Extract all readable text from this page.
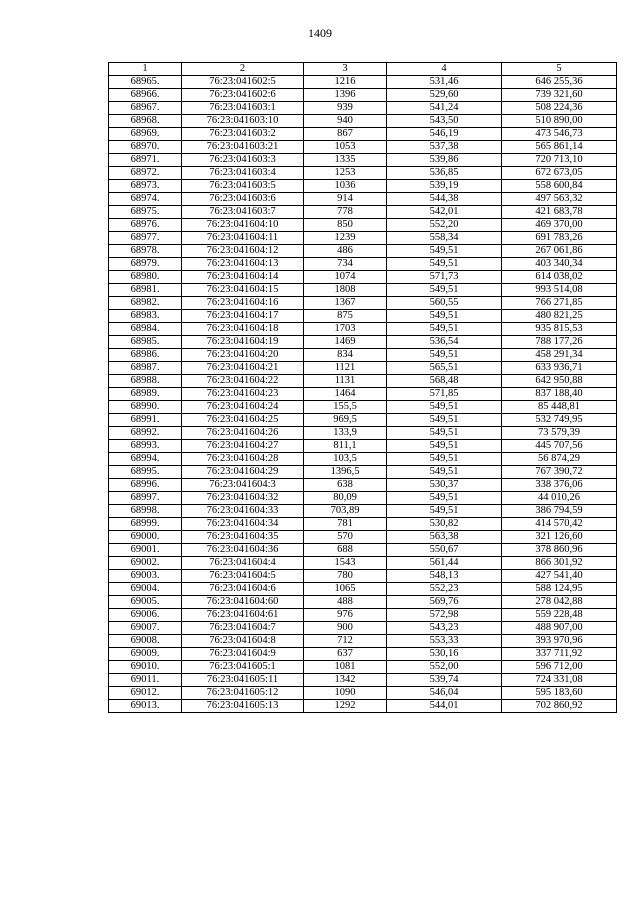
1409
1	2	3	4	5
68965.	76:23:041602:5	1216	531,46	646 255,36
68966.	76:23:041602:6	1396	529,60	739 321,60
68967.	76:23:041603:1	939	541,24	508 224,36
68968.	76:23:041603:10	940	543,50	510 890,00
68969.	76:23:041603:2	867	546,19	473 546,73
68970.	76:23:041603:21	1053	537,38	565 861,14
68971.	76:23:041603:3	1335	539,86	720 713,10
68972.	76:23:041603:4	1253	536,85	672 673,05
68973.	76:23:041603:5	1036	539,19	558 600,84
68974.	76:23:041603:6	914	544,38	497 563,32
68975.	76:23:041603:7	778	542,01	421 683,78
68976.	76:23:041604:10	850	552,20	469 370,00
68977.	76:23:041604:11	1239	558,34	691 783,26
68978.	76:23:041604:12	486	549,51	267 061,86
68979.	76:23:041604:13	734	549,51	403 340,34
68980.	76:23:041604:14	1074	571,73	614 038,02
68981.	76:23:041604:15	1808	549,51	993 514,08
68982.	76:23:041604:16	1367	560,55	766 271,85
68983.	76:23:041604:17	875	549,51	480 821,25
68984.	76:23:041604:18	1703	549,51	935 815,53
68985.	76:23:041604:19	1469	536,54	788 177,26
68986.	76:23:041604:20	834	549,51	458 291,34
68987.	76:23:041604:21	1121	565,51	633 936,71
68988.	76:23:041604:22	1131	568,48	642 950,88
68989.	76:23:041604:23	1464	571,85	837 188,40
68990.	76:23:041604:24	155,5	549,51	85 448,81
68991.	76:23:041604:25	969,5	549,51	532 749,95
68992.	76:23:041604:26	133,9	549,51	73 579,39
68993.	76:23:041604:27	811,1	549,51	445 707,56
68994.	76:23:041604:28	103,5	549,51	56 874,29
68995.	76:23:041604:29	1396,5	549,51	767 390,72
68996.	76:23:041604:3	638	530,37	338 376,06
68997.	76:23:041604:32	80,09	549,51	44 010,26
68998.	76:23:041604:33	703,89	549,51	386 794,59
68999.	76:23:041604:34	781	530,82	414 570,42
69000.	76:23:041604:35	570	563,38	321 126,60
69001.	76:23:041604:36	688	550,67	378 860,96
69002.	76:23:041604:4	1543	561,44	866 301,92
69003.	76:23:041604:5	780	548,13	427 541,40
69004.	76:23:041604:6	1065	552,23	588 124,95
69005.	76:23:041604:60	488	569,76	278 042,88
69006.	76:23:041604:61	976	572,98	559 228,48
69007.	76:23:041604:7	900	543,23	488 907,00
69008.	76:23:041604:8	712	553,33	393 970,96
69009.	76:23:041604:9	637	530,16	337 711,92
69010.	76:23:041605:1	1081	552,00	596 712,00
69011.	76:23:041605:11	1342	539,74	724 331,08
69012.	76:23:041605:12	1090	546,04	595 183,60
69013.	76:23:041605:13	1292	544,01	702 860,92
